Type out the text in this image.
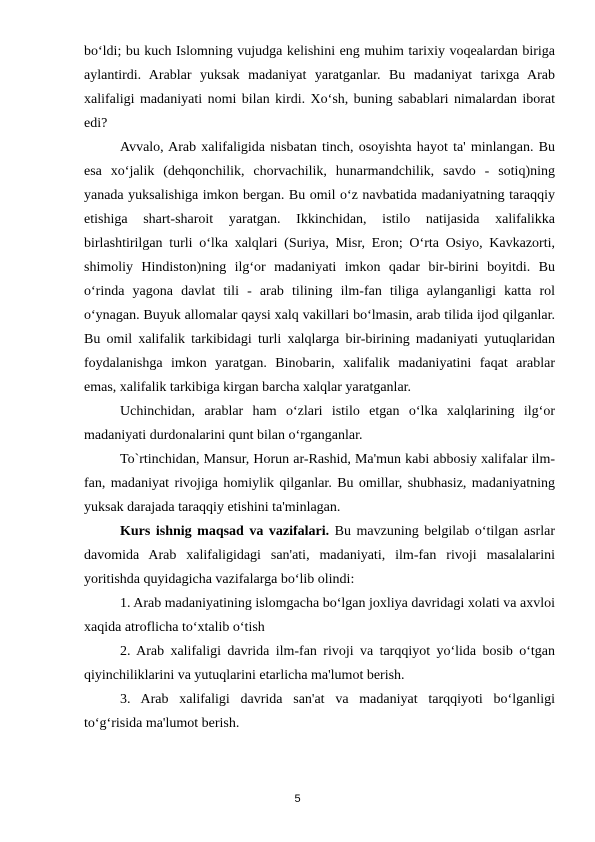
bo‘ldi; bu kuch Islomning vujudga kelishini eng muhim tarixiy voqealardan biriga aylantirdi. Arablar yuksak madaniyat yaratganlar. Bu madaniyat tarixga Arab xalifaligi madaniyati nomi bilan kirdi. Xo‘sh, buning sabablari nimalardan iborat edi?

Avvalo, Arab xalifaligida nisbatan tinch, osoyishta hayot ta' minlangan. Bu esa xo‘jalik (dehqonchilik, chorvachilik, hunarmandchilik, savdo - sotiq)ning yanada yuksalishiga imkon bergan. Bu omil o‘z navbatida madaniyatning taraqqiy etishiga shart-sharoit yaratgan. Ikkinchidan, istilo natijasida xalifalikka birlashtirilgan turli o‘lka xalqlari (Suriya, Misr, Eron; O‘rta Osiyo, Kavkazorti, shimoliy Hindiston)ning ilg‘or madaniyati imkon qadar bir-birini boyitdi. Bu o‘rinda yagona davlat tili - arab tilining ilm-fan tiliga aylanganligi katta rol o‘ynagan. Buyuk allomalar qaysi xalq vakillari bo‘lmasin, arab tilida ijod qilganlar. Bu omil xalifalik tarkibidagi turli xalqlarga bir-birining madaniyati yutuqlaridan foydalanishga imkon yaratgan. Binobarin, xalifalik madaniyatini faqat arablar emas, xalifalik tarkibiga kirgan barcha xalqlar yaratganlar.

Uchinchidan, arablar ham o‘zlari istilo etgan o‘lka xalqlarining ilg‘or madaniyati durdonalarini qunt bilan o‘rganganlar.

To`rtinchidan, Mansur, Horun ar-Rashid, Ma'mun kabi abbosiy xalifalar ilm-fan, madaniyat rivojiga homiylik qilganlar. Bu omillar, shubhasiz, madaniyatning yuksak darajada taraqqiy etishini ta'minlagan.

Kurs ishnig maqsad va vazifalari. Bu mavzuning belgilab o‘tilgan asrlar davomida Arab xalifaligidagi san'ati, madaniyati, ilm-fan rivoji masalalarini yoritishda quyidagicha vazifalarga bo‘lib olindi:

1. Arab madaniyatining islomgacha bo‘lgan joxliya davridagi xolati va axvloi xaqida atroflicha to‘xtalib o‘tish

2. Arab xalifaligi davrida ilm-fan rivoji va tarqqiyot yo‘lida bosib o‘tgan qiyinchiliklarini va yutuqlarini etarlicha ma'lumot berish.

3. Arab xalifaligi davrida san'at va madaniyat tarqqiyoti bo‘lganligi to‘g‘risida ma'lumot berish.

5
